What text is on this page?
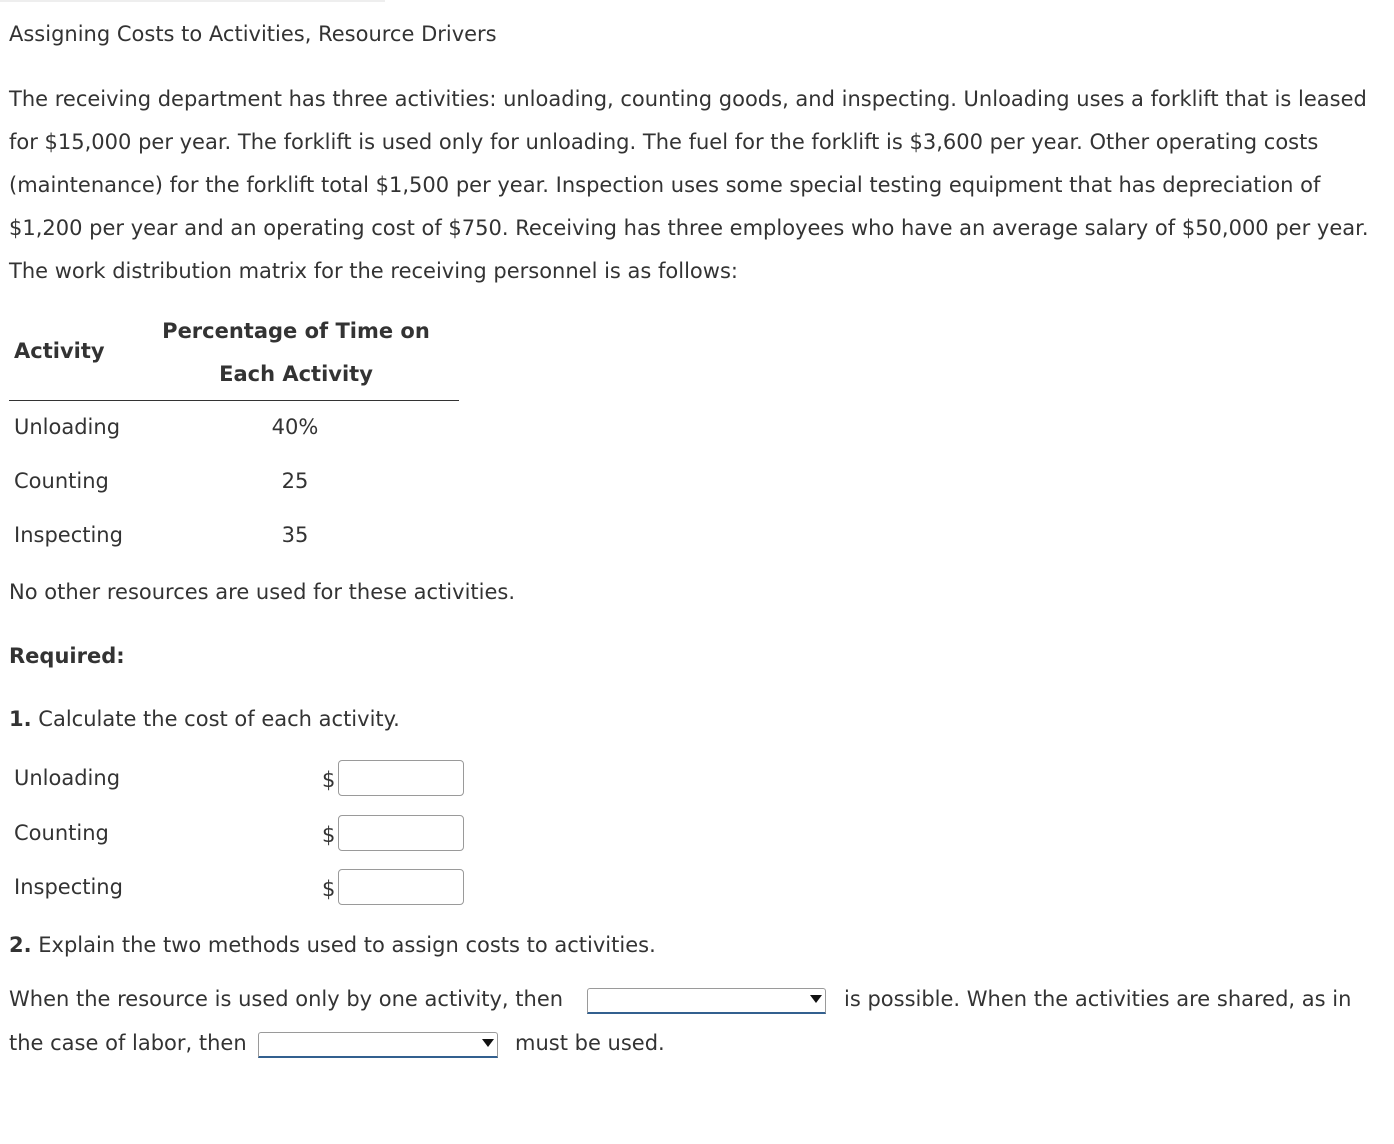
Assigning Costs to Activities, Resource Drivers
The receiving department has three activities: unloading, counting goods, and inspecting. Unloading uses a forklift that is leased for $15,000 per year. The forklift is used only for unloading. The fuel for the forklift is $3,600 per year. Other operating costs (maintenance) for the forklift total $1,500 per year. Inspection uses some special testing equipment that has depreciation of $1,200 per year and an operating cost of $750. Receiving has three employees who have an average salary of $50,000 per year. The work distribution matrix for the receiving personnel is as follows:
Activity
Percentage of Time on
Each Activity
Unloading	40%
Counting	25
Inspecting	35
No other resources are used for these activities.
Required:
1. Calculate the cost of each activity.
Unloading	$
Counting	$
Inspecting	$
2. Explain the two methods used to assign costs to activities.
When the resource is used only by one activity, then	is possible. When the activities are shared, as in
the case of labor, then	must be used.
